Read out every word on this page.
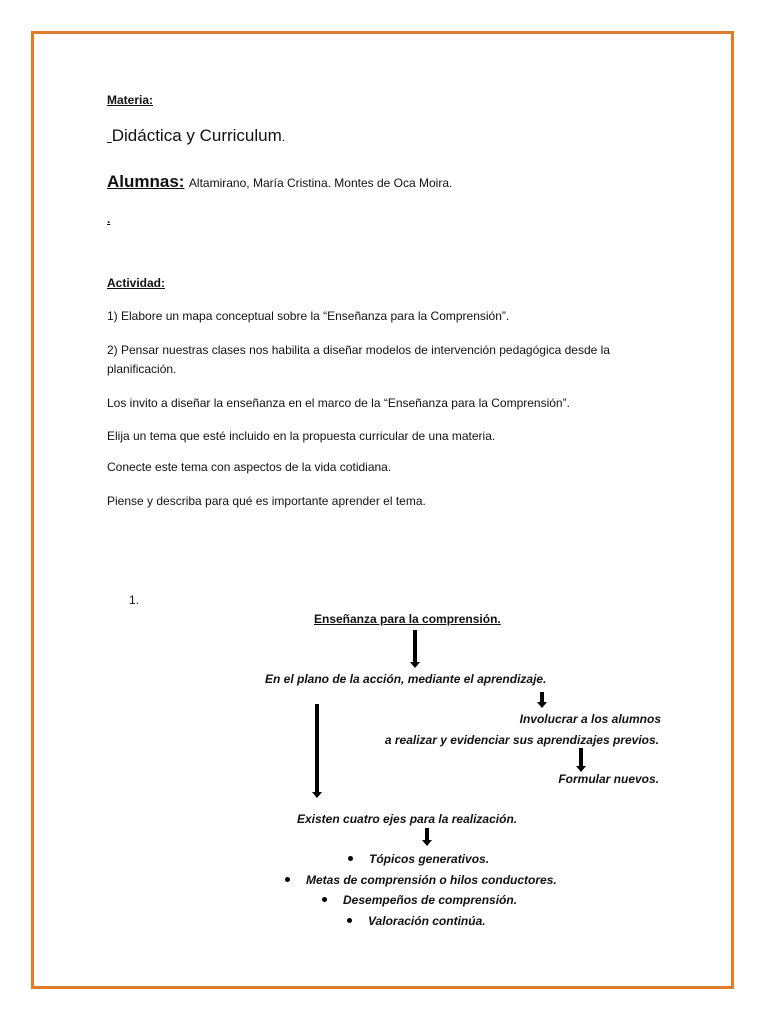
Materia:
​ Didáctica y Curriculum.
Alumnas: Altamirano, María Cristina. Montes de Oca Moira.
.
Actividad:
1) Elabore un mapa conceptual sobre la “Enseñanza para la Comprensión”.
2) Pensar nuestras clases nos habilita a diseñar modelos de intervención pedagógica desde la
planificación.
Los invito a diseñar la enseñanza en el marco de la “Enseñanza para la Comprensión”.
Elija un tema que esté incluido en la propuesta curricular de una materia.
Conecte este tema con aspectos de la vida cotidiana.
Piense y describa para qué es importante aprender el tema.
1.
Enseñanza para la comprensión.
En el plano de la acción, mediante el aprendizaje.
Involucrar a los alumnos
a realizar y evidenciar sus aprendizajes previos.
Formular nuevos.
Existen cuatro ejes para la realización.
Tópicos generativos.
Metas de comprensión o hilos conductores.
Desempeños de comprensión.
Valoración continúa.
